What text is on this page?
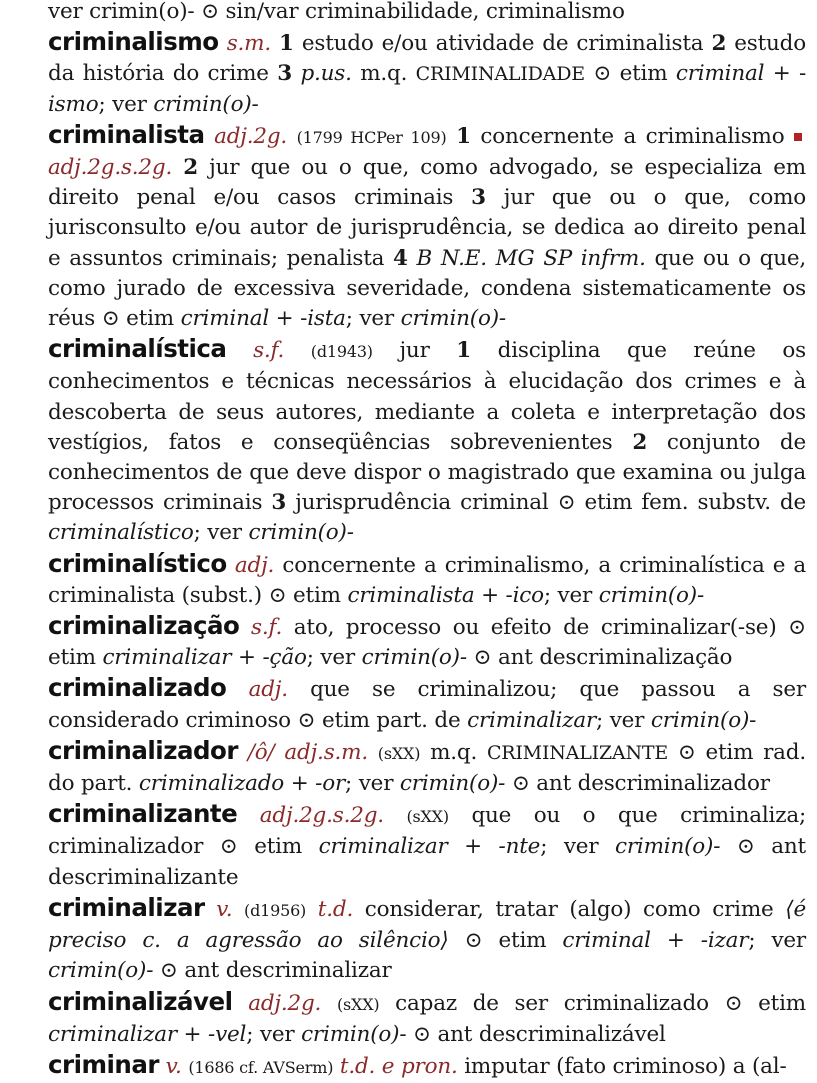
ver crimin(o)- ⊙ sin/var criminabilidade, criminalismo

criminalismo s.m. 1 estudo e/ou atividade de criminalista 2 estudo da história do crime 3 p.us. m.q. CRIMINALIDADE ⊙ etim criminal + -ismo; ver crimin(o)-

criminalista adj.2g. (1799 HCPer 109) 1 concernente a criminalismo adj.2g.s.2g. 2 jur que ou o que, como advogado, se especializa em direito penal e/ou casos criminais 3 jur que ou o que, como jurisconsulto e/ou autor de jurisprudência, se dedica ao direito penal e assuntos criminais; penalista 4 B N.E. MG SP infrm. que ou o que, como jurado de excessiva severidade, condena sistematicamente os réus ⊙ etim criminal + -ista; ver crimin(o)-

criminalística s.f. (d1943) jur 1 disciplina que reúne os conhecimentos e técnicas necessários à elucidação dos crimes e à descoberta de seus autores, mediante a coleta e interpretação dos vestígios, fatos e conseqüências sobrevenientes 2 conjunto de conhecimentos de que deve dispor o magistrado que examina ou julga processos criminais 3 jurisprudência criminal ⊙ etim fem. substv. de criminalístico; ver crimin(o)-

criminalístico adj. concernente a criminalismo, a criminalística e a criminalista (subst.) ⊙ etim criminalista + -ico; ver crimin(o)-

criminalização s.f. ato, processo ou efeito de criminalizar(-se) ⊙ etim criminalizar + -ção; ver crimin(o)- ⊙ ant descriminalização

criminalizado adj. que se criminalizou; que passou a ser considerado criminoso ⊙ etim part. de criminalizar; ver crimin(o)-

criminalizador /ô/ adj.s.m. (sXX) m.q. CRIMINALIZANTE ⊙ etim rad. do part. criminalizado + -or; ver crimin(o)- ⊙ ant descriminalizador

criminalizante adj.2g.s.2g. (sXX) que ou o que criminaliza; criminalizador ⊙ etim criminalizar + -nte; ver crimin(o)- ⊙ ant descriminalizante

criminalizar v. (d1956) t.d. considerar, tratar (algo) como crime ⟨é preciso c. a agressão ao silêncio⟩ ⊙ etim criminal + -izar; ver crimin(o)- ⊙ ant descriminalizar

criminalizável adj.2g. (sXX) capaz de ser criminalizado ⊙ etim criminalizar + -vel; ver crimin(o)- ⊙ ant descriminalizável

criminar v. (1686 cf. AVSerm) t.d. e pron. imputar (fato criminoso) a (al-
